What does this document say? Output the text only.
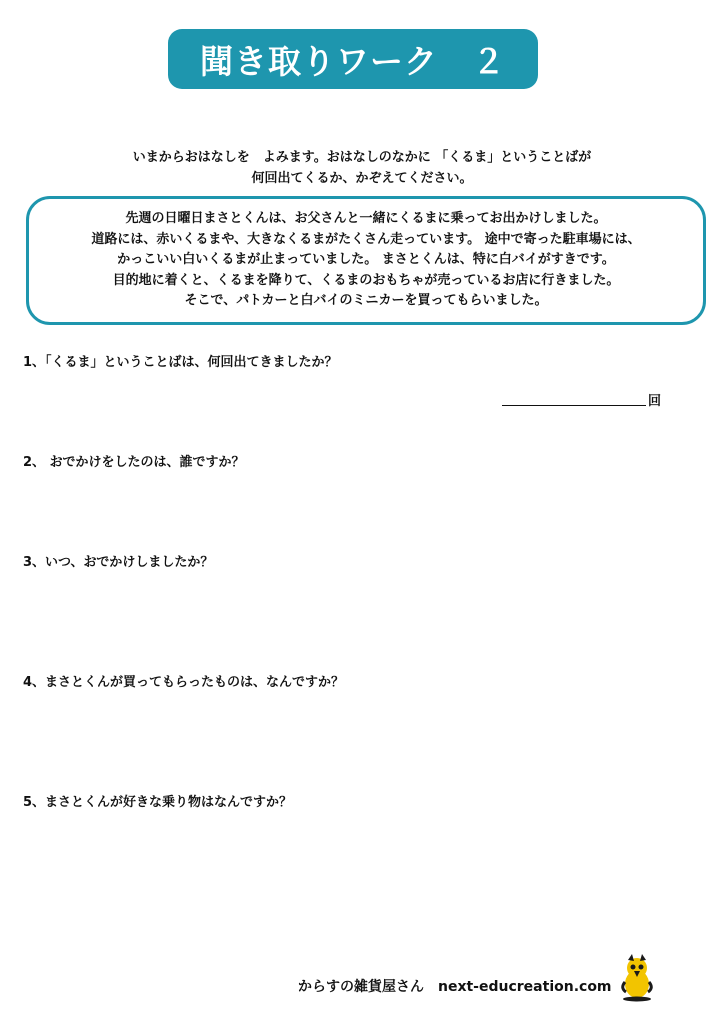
聞き取りワーク　２
いまからおはなしを　よみます。おはなしのなかに 「くるま」ということばが
何回出てくるか、かぞえてください。
先週の日曜日まさとくんは、お父さんと一緒にくるまに乗ってお出かけしました。
道路には、赤いくるまや、大きなくるまがたくさん走っています。 途中で寄った駐車場には、
かっこいい白いくるまが止まっていました。 まさとくんは、特に白バイがすきです。
目的地に着くと、くるまを降りて、くるまのおもちゃが売っているお店に行きました。
そこで、パトカーと白バイのミニカーを買ってもらいました。
1、「くるま」ということばは、何回出てきましたか？
回
2、 おでかけをしたのは、誰ですか？
3、いつ、おでかけしましたか？
4、まさとくんが買ってもらったものは、なんですか？
5、まさとくんが好きな乗り物はなんですか？
からすの雑貨屋さん　next-educreation.com
